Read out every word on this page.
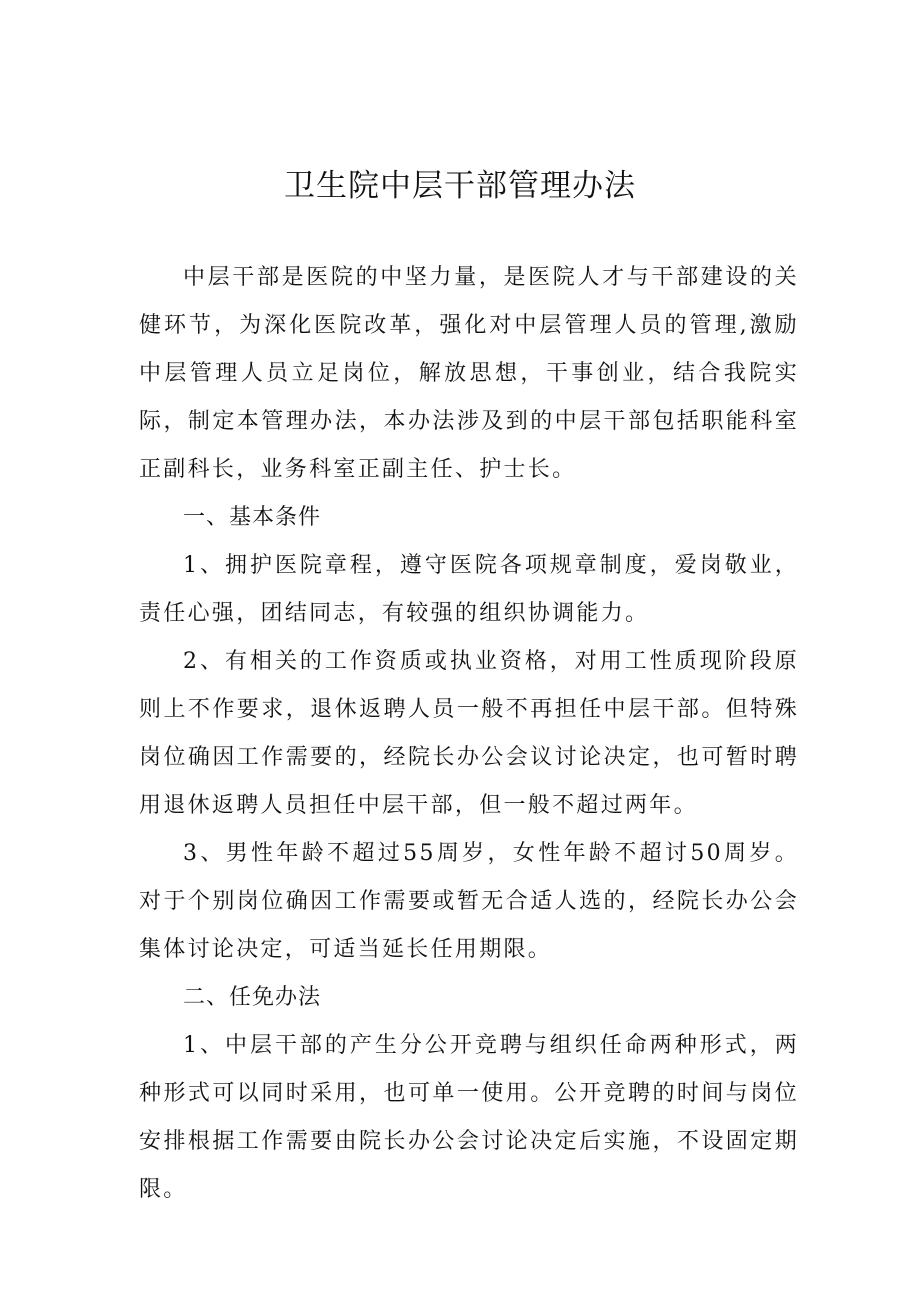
卫生院中层干部管理办法

中层干部是医院的中坚力量，是医院人才与干部建设的关健环节，为深化医院改革，强化对中层管理人员的管理,激励中层管理人员立足岗位，解放思想，干事创业，结合我院实际，制定本管理办法，本办法涉及到的中层干部包括职能科室正副科长，业务科室正副主任、护士长。

一、基本条件

1、拥护医院章程，遵守医院各项规章制度，爱岗敬业，责任心强，团结同志，有较强的组织协调能力。

2、有相关的工作资质或执业资格，对用工性质现阶段原则上不作要求，退休返聘人员一般不再担任中层干部。但特殊岗位确因工作需要的，经院长办公会议讨论决定，也可暂时聘用退休返聘人员担任中层干部，但一般不超过两年。

3、男性年龄不超过55周岁，女性年龄不超讨50周岁。对于个别岗位确因工作需要或暂无合适人选的，经院长办公会集体讨论决定，可适当延长任用期限。

二、任免办法

1、中层干部的产生分公开竞聘与组织任命两种形式，两种形式可以同时采用，也可单一使用。公开竞聘的时间与岗位安排根据工作需要由院长办公会讨论决定后实施，不设固定期限。
